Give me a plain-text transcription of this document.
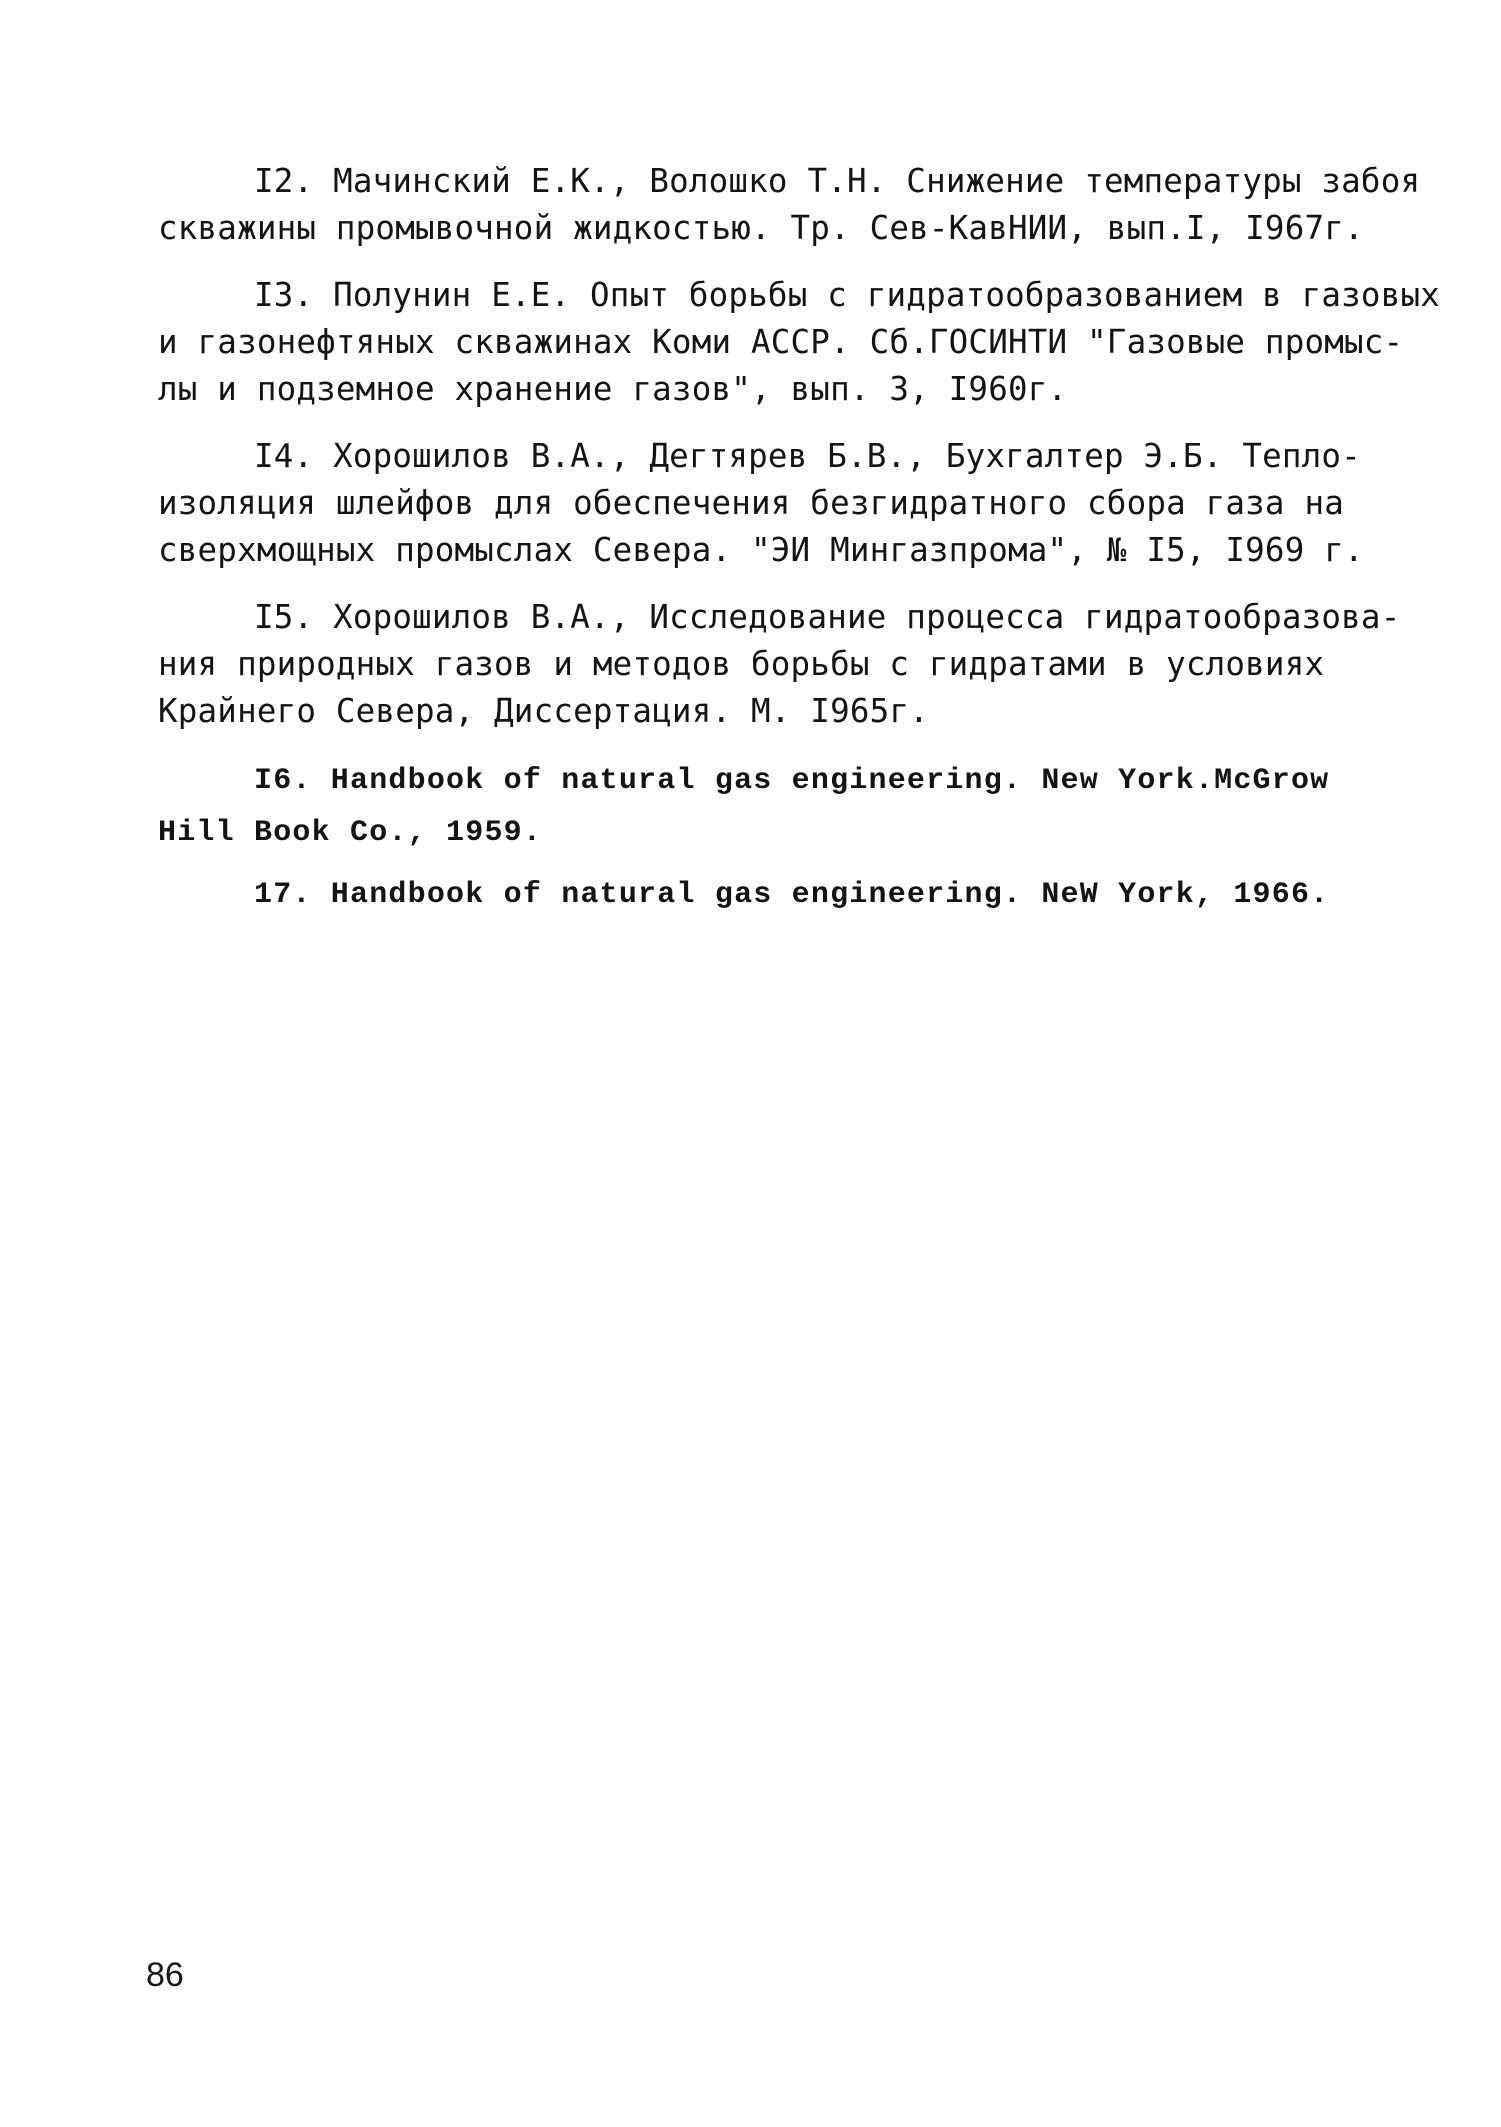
I2. Мачинский Е.К., Волошко Т.Н. Снижение температуры забоя
скважины промывочной жидкостью. Тр. Сев-КавНИИ, вып.I, I967г.
I3. Полунин Е.Е. Опыт борьбы с гидратообразованием в газовых
и газонефтяных скважинах Коми АССР. Сб.ГОСИНТИ "Газовые промыс-
лы и подземное хранение газов", вып. 3, I960г.
I4. Хорошилов В.А., Дегтярев Б.В., Бухгалтер Э.Б. Тепло-
изоляция шлейфов для обеспечения безгидратного сбора газа на
сверхмощных промыслах Севера. "ЭИ Мингазпрома", № I5, I969 г.
I5. Хорошилов В.А., Исследование процесса гидратообразова-
ния природных газов и методов борьбы с гидратами в условиях
Крайнего Севера, Диссертация. М. I965г.
I6. Handbook of natural gas engineering. New York.McGrow
Hill Book Co., 1959.
17. Handbook of natural gas engineering. NeW York, 1966.
86
